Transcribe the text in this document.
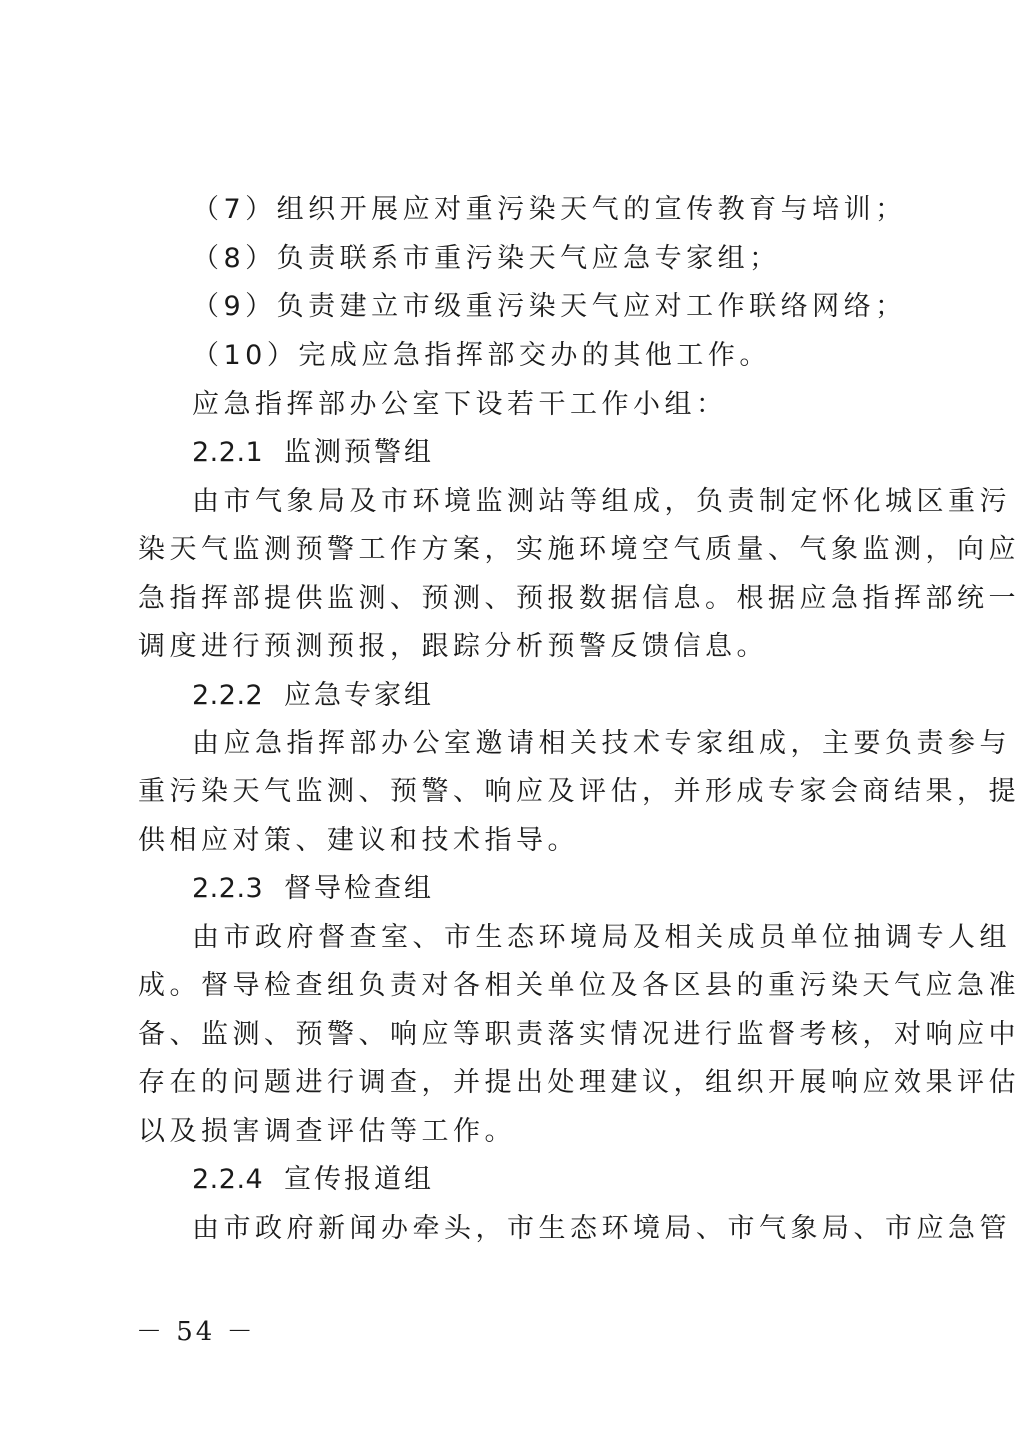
（7）组织开展应对重污染天气的宣传教育与培训；
（8）负责联系市重污染天气应急专家组；
（9）负责建立市级重污染天气应对工作联络网络；
（10）完成应急指挥部交办的其他工作。
应急指挥部办公室下设若干工作小组：
2.2.1 监测预警组
由市气象局及市环境监测站等组成，负责制定怀化城区重污
染天气监测预警工作方案，实施环境空气质量、气象监测，向应
急指挥部提供监测、预测、预报数据信息。根据应急指挥部统一
调度进行预测预报，跟踪分析预警反馈信息。
2.2.2 应急专家组
由应急指挥部办公室邀请相关技术专家组成，主要负责参与
重污染天气监测、预警、响应及评估，并形成专家会商结果，提
供相应对策、建议和技术指导。
2.2.3 督导检查组
由市政府督查室、市生态环境局及相关成员单位抽调专人组
成。督导检查组负责对各相关单位及各区县的重污染天气应急准
备、监测、预警、响应等职责落实情况进行监督考核，对响应中
存在的问题进行调查，并提出处理建议，组织开展响应效果评估
以及损害调查评估等工作。
2.2.4 宣传报道组
由市政府新闻办牵头，市生态环境局、市气象局、市应急管
－ 54 －
